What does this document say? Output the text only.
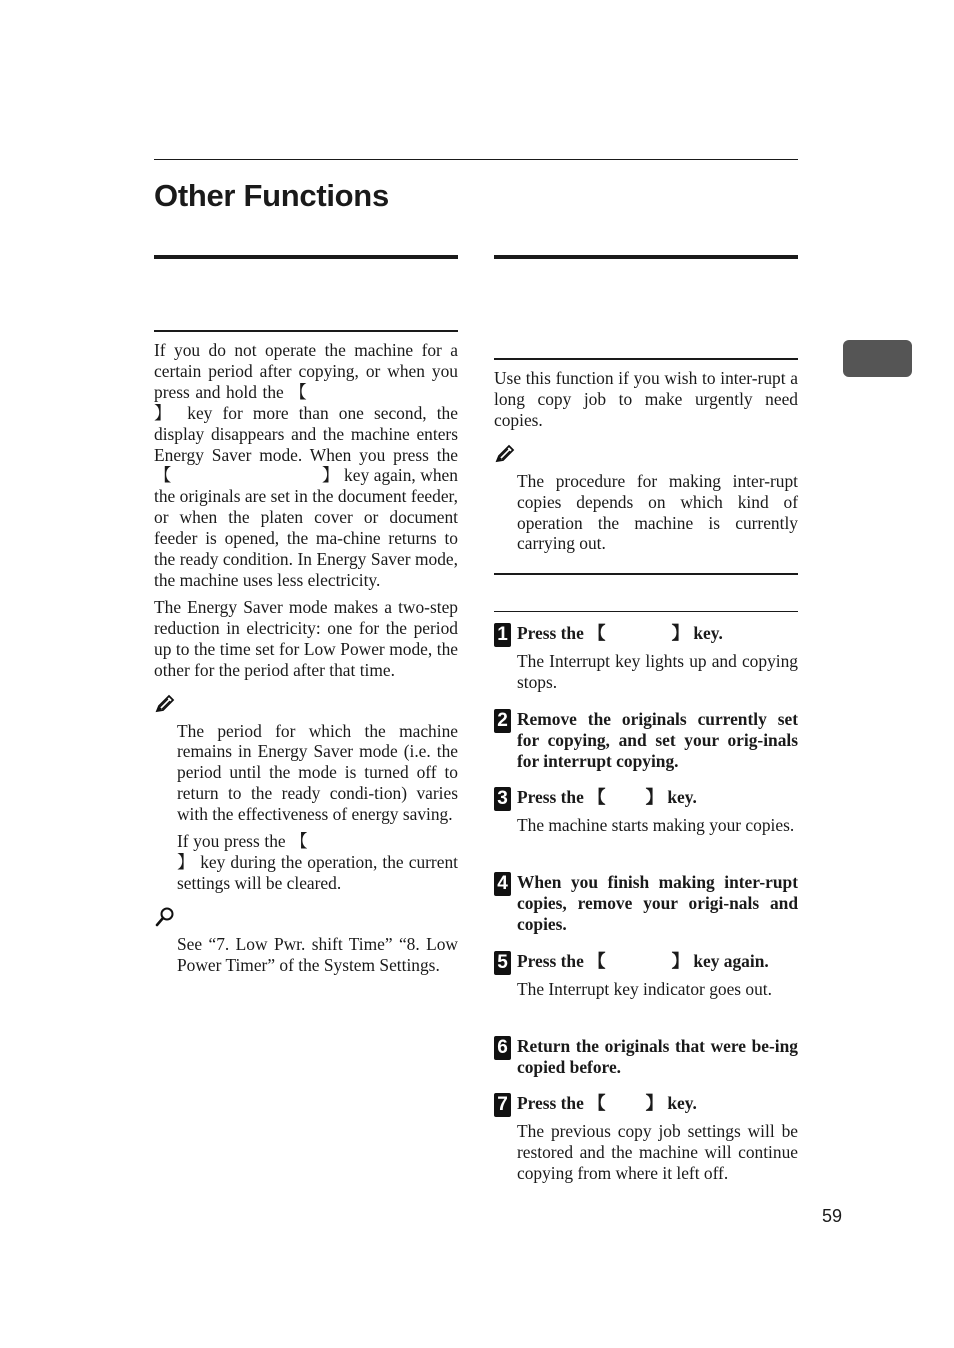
Other Functions

If you do not operate the machine for a certain period after copying, or when you press and hold the 【】 key for more than one second, the display disappears and the machine enters Energy Saver mode. When you press the 【	】 key again, when the originals are set in the document feeder, or when the platen cover or document feeder is opened, the ma-chine returns to the ready condition. In Energy Saver mode, the machine uses less electricity.

The Energy Saver mode makes a two-step reduction in electricity: one for the period up to the time set for Low Power mode, the other for the period after that time.

The period for which the machine remains in Energy Saver mode (i.e. the period until the mode is turned off to return to the ready condi-tion) varies with the effectiveness of energy saving.

If you press the 【】 key during the operation, the current settings will be cleared.

See “7. Low Pwr. shift Time” “8. Low Power Timer” of the System Settings.

Use this function if you wish to inter-rupt a long copy job to make urgently need copies.

The procedure for making inter-rupt copies depends on which kind of operation the machine is currently carrying out.

1 Press the 【	】 key.

The Interrupt key lights up and copying stops.

2 Remove the originals currently set for copying, and set your orig-inals for interrupt copying.
3 Press the 【 】 key.

The machine starts making your copies.

4 When you finish making inter-rupt copies, remove your origi-nals and copies.
5 Press the 【	】 key again.

The Interrupt key indicator goes out.

6 Return the originals that were be-ing copied before.
7 Press the 【 】 key.

The previous copy job settings will be restored and the machine will continue copying from where it left off.

59
